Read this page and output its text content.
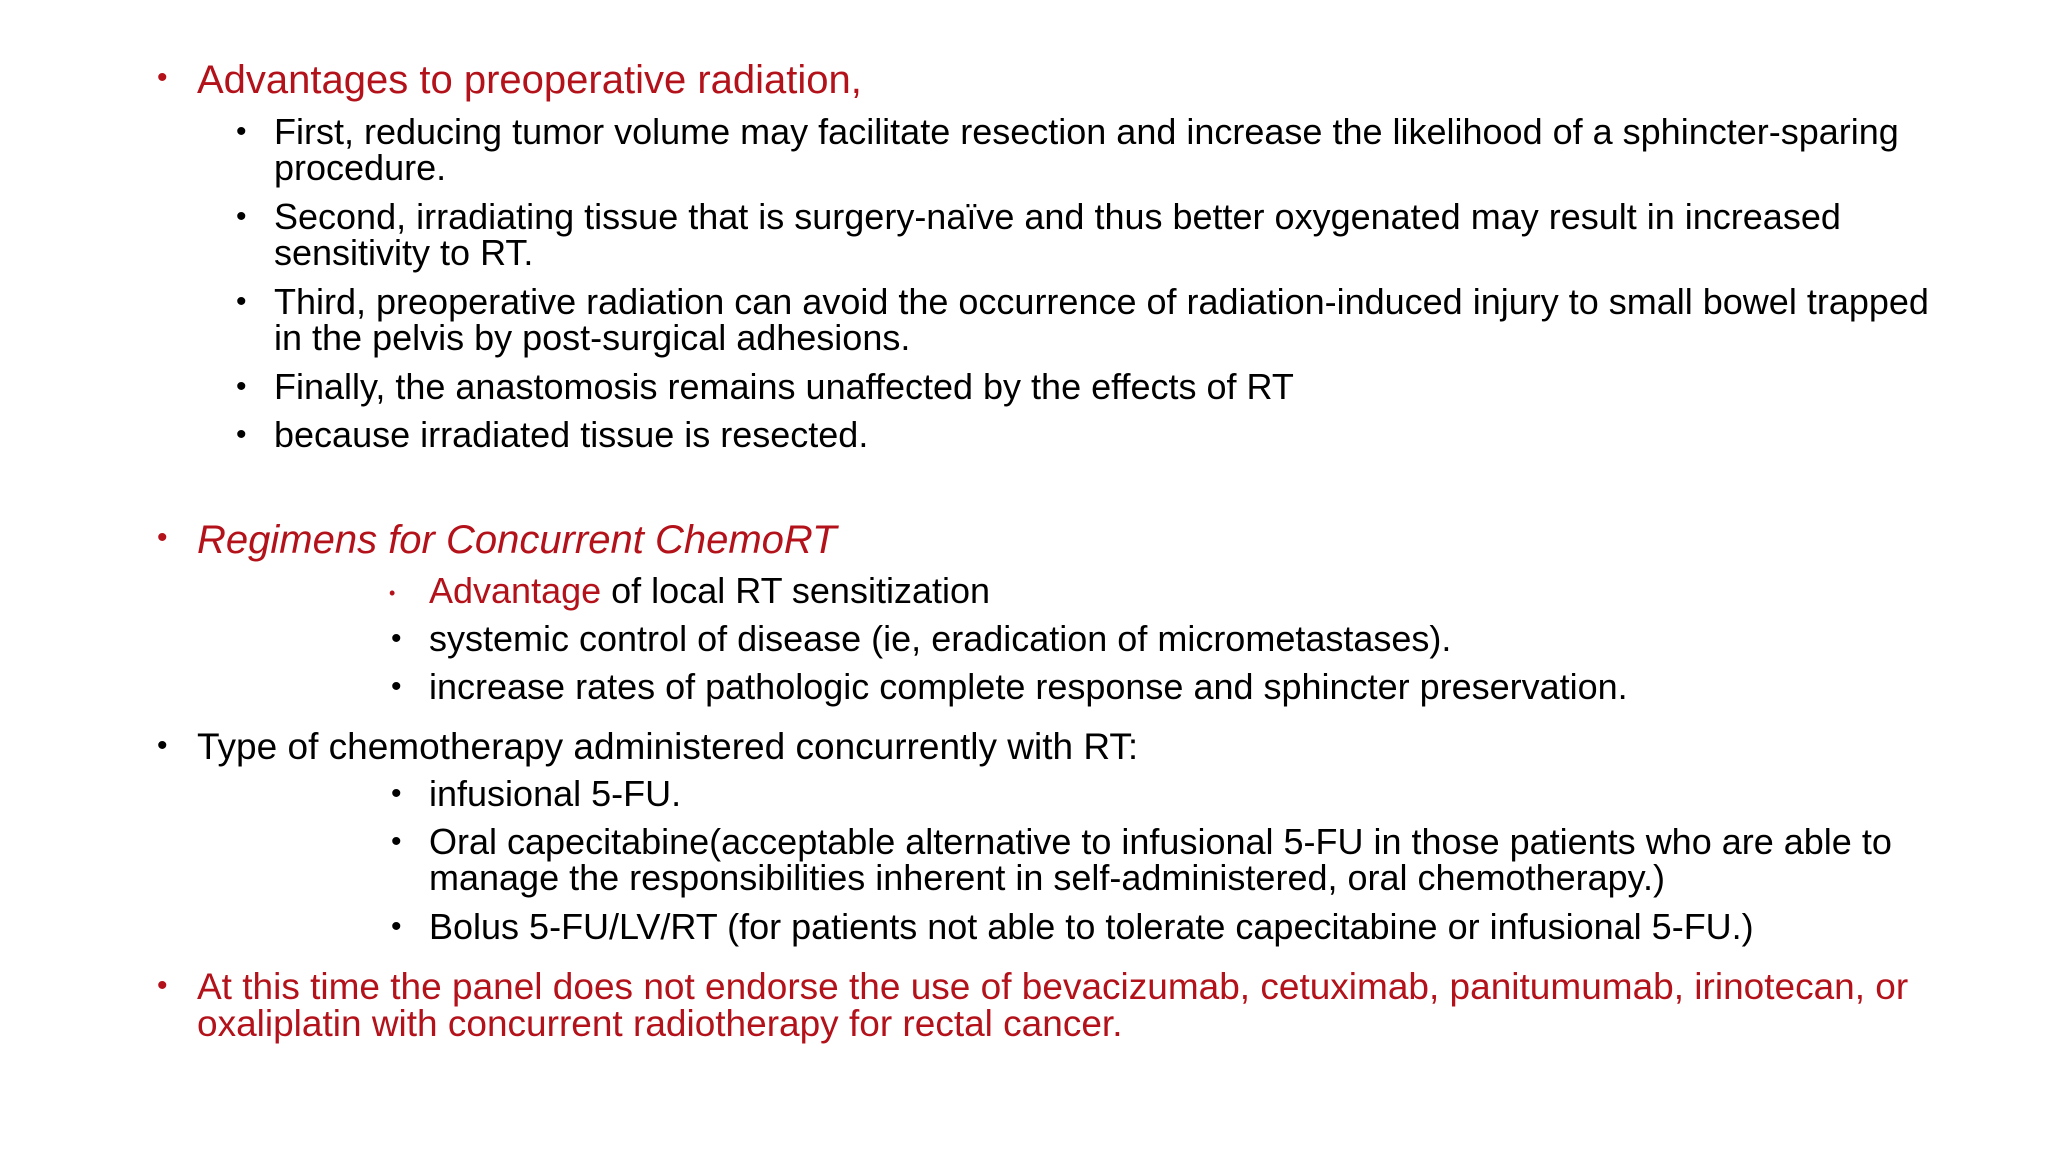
• Advantages to preoperative radiation,
• First, reducing tumor volume may facilitate resection and increase the likelihood of a sphincter-sparing procedure.
• Second, irradiating tissue that is surgery-naïve and thus better oxygenated may result in increased sensitivity to RT.
• Third, preoperative radiation can avoid the occurrence of radiation-induced injury to small bowel trapped in the pelvis by post-surgical adhesions.
• Finally, the anastomosis remains unaffected by the effects of RT
• because irradiated tissue is resected.
• Regimens for Concurrent ChemoRT
• Advantage of local RT sensitization
• systemic control of disease (ie, eradication of micrometastases).
• increase rates of pathologic complete response and sphincter preservation.
• Type of chemotherapy administered concurrently with RT:
• infusional 5-FU.
• Oral capecitabine(acceptable alternative to infusional 5-FU in those patients who are able to manage the responsibilities inherent in self-administered, oral chemotherapy.)
• Bolus 5-FU/LV/RT (for patients not able to tolerate capecitabine or infusional 5-FU.)
• At this time the panel does not endorse the use of bevacizumab, cetuximab, panitumumab, irinotecan, or oxaliplatin with concurrent radiotherapy for rectal cancer.
